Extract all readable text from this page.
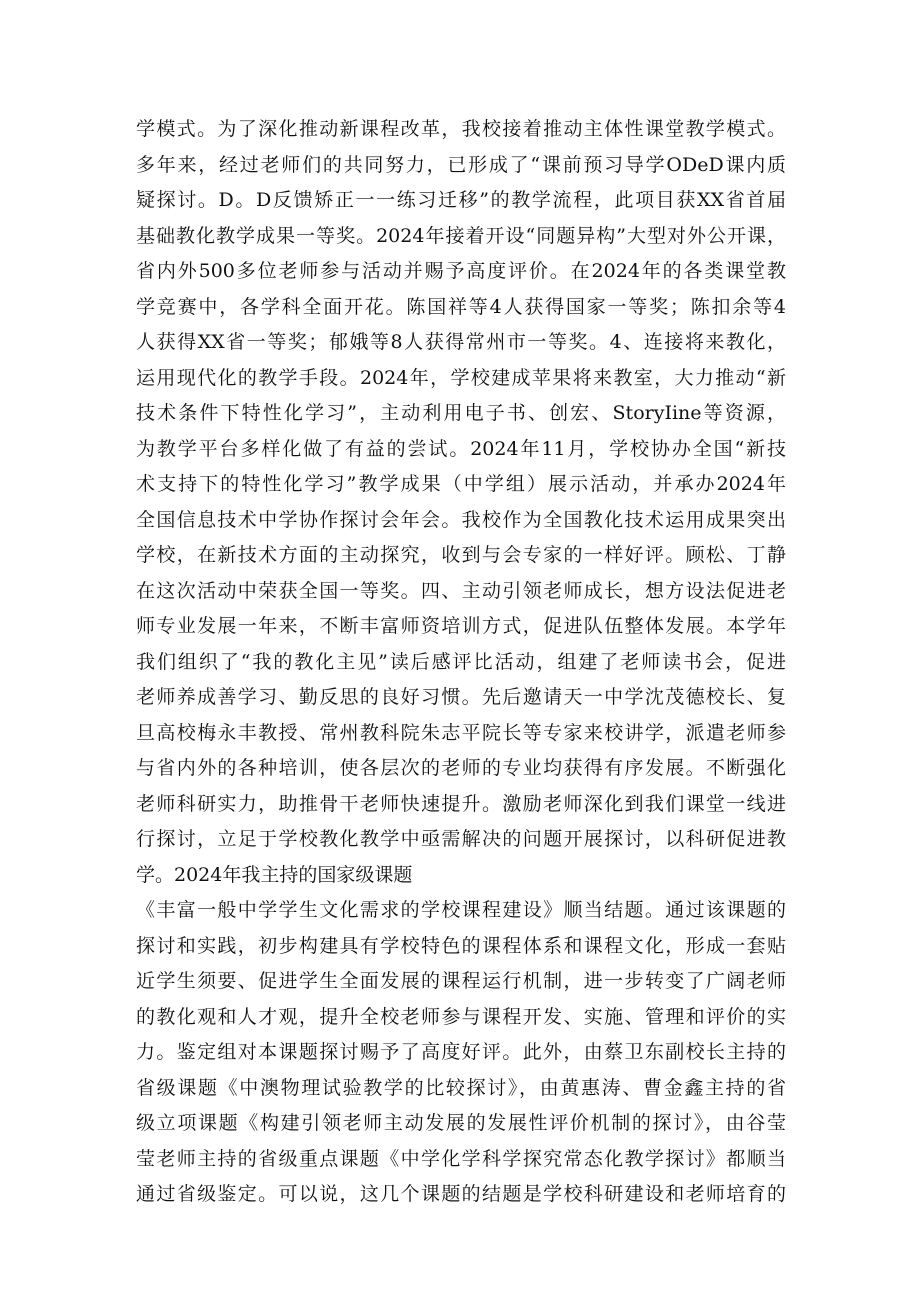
学模式。为了深化推动新课程改革，我校接着推动主体性课堂教学模式。
多年来，经过老师们的共同努力，已形成了“课前预习导学ODeD课内质
疑探讨。D。D反馈矫正一一练习迁移”的教学流程，此项目获XX省首届
基础教化教学成果一等奖。2024年接着开设“同题异构”大型对外公开课，
省内外500多位老师参与活动并赐予高度评价。在2024年的各类课堂教
学竞赛中，各学科全面开花。陈国祥等4人获得国家一等奖；陈扣余等4
人获得XX省一等奖；郁娥等8人获得常州市一等奖。4、连接将来教化，
运用现代化的教学手段。2024年，学校建成苹果将来教室，大力推动“新
技术条件下特性化学习”，主动利用电子书、创宏、StoryIine等资源，
为教学平台多样化做了有益的尝试。2024年11月，学校协办全国“新技
术支持下的特性化学习”教学成果（中学组）展示活动，并承办2024年
全国信息技术中学协作探讨会年会。我校作为全国教化技术运用成果突出
学校，在新技术方面的主动探究，收到与会专家的一样好评。顾松、丁静
在这次活动中荣获全国一等奖。四、主动引领老师成长，想方设法促进老
师专业发展一年来，不断丰富师资培训方式，促进队伍整体发展。本学年
我们组织了“我的教化主见”读后感评比活动，组建了老师读书会，促进
老师养成善学习、勤反思的良好习惯。先后邀请天一中学沈茂德校长、复
旦高校梅永丰教授、常州教科院朱志平院长等专家来校讲学，派遣老师参
与省内外的各种培训，使各层次的老师的专业均获得有序发展。不断强化
老师科研实力，助推骨干老师快速提升。激励老师深化到我们课堂一线进
行探讨，立足于学校教化教学中亟需解决的问题开展探讨，以科研促进教
学。2024年我主持的国家级课题
《丰富一般中学学生文化需求的学校课程建设》顺当结题。通过该课题的
探讨和实践，初步构建具有学校特色的课程体系和课程文化，形成一套贴
近学生须要、促进学生全面发展的课程运行机制，进一步转变了广阔老师
的教化观和人才观，提升全校老师参与课程开发、实施、管理和评价的实
力。鉴定组对本课题探讨赐予了高度好评。此外，由蔡卫东副校长主持的
省级课题《中澳物理试验教学的比较探讨》，由黄惠涛、曹金鑫主持的省
级立项课题《构建引领老师主动发展的发展性评价机制的探讨》，由谷莹
莹老师主持的省级重点课题《中学化学科学探究常态化教学探讨》都顺当
通过省级鉴定。可以说，这几个课题的结题是学校科研建设和老师培育的
